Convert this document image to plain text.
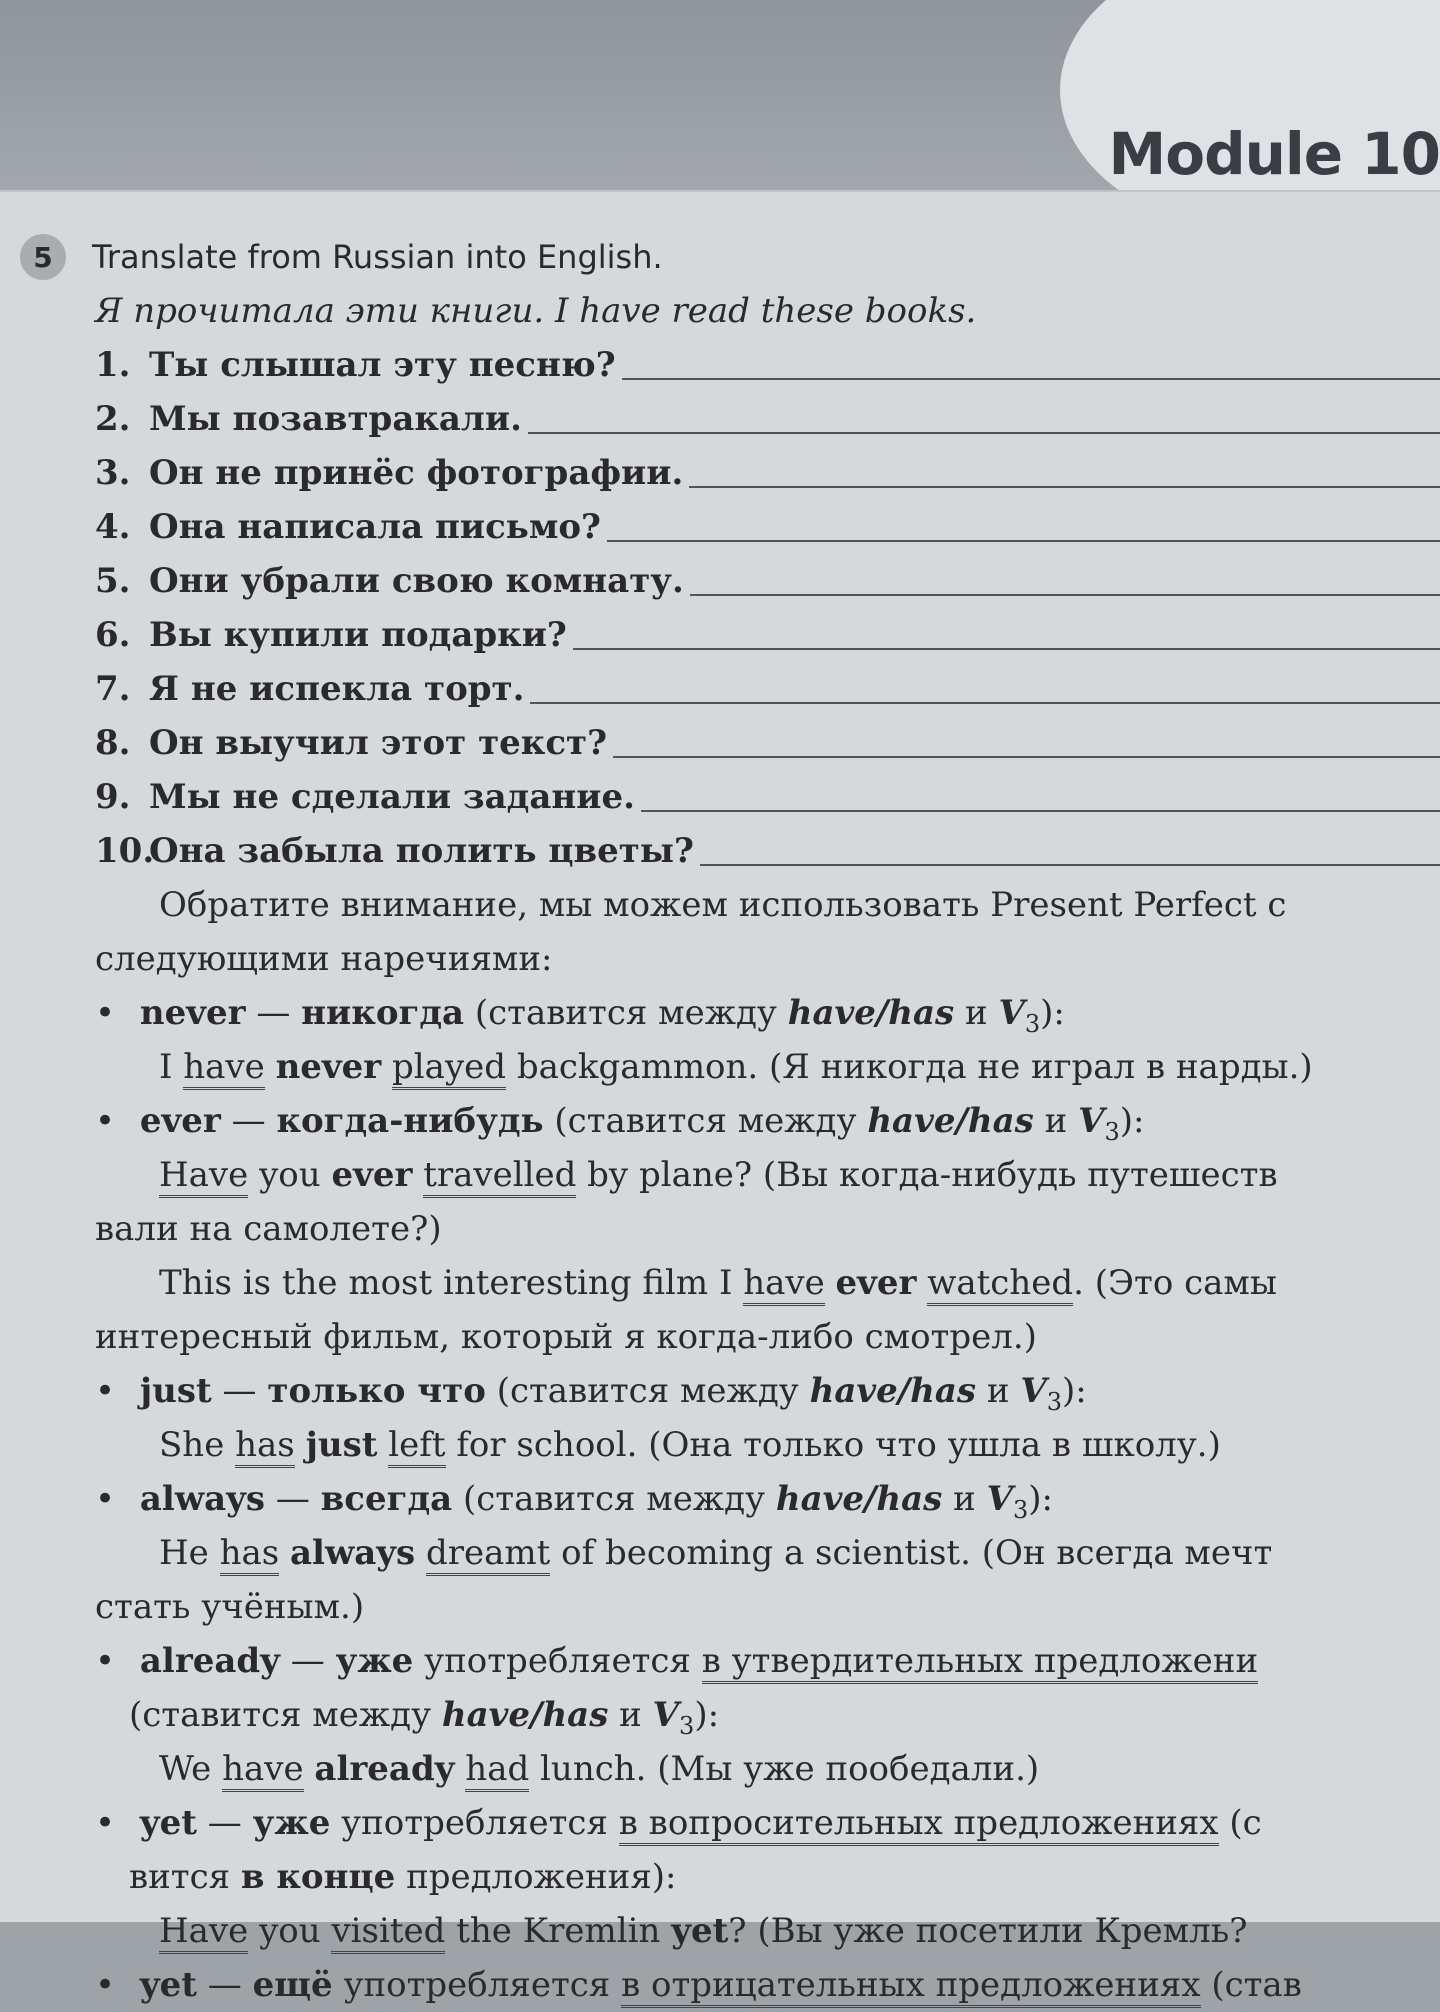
Module 10
5	Translate from Russian into English.
Я прочитала эти книги. I have read these books.
1. Ты слышал эту песню?
2. Мы позавтракали.
3. Он не принёс фотографии.
4. Она написала письмо?
5. Они убрали свою комнату.
6. Вы купили подарки?
7. Я не испекла торт.
8. Он выучил этот текст?
9. Мы не сделали задание.
10.
Она забыла полить цветы?
Обратите внимание, мы можем использовать Present Perfect с
следующими наречиями:
• never — никогда (ставится между have/has и $V_3$):
I have never played backgammon. (Я никогда не играл в нарды.)
• ever — когда-нибудь (ставится между have/has и $V_3$):
Have you ever travelled by plane? (Вы когда-нибудь путешеств
вали на самолете?)
This is the most interesting film I have ever watched. (Это самы
интересный фильм, который я когда-либо смотрел.)
• just — только что (ставится между have/has и $V_3$):
She has just left for school. (Она только что ушла в школу.)
• always — всегда (ставится между have/has и $V_3$):
He has always dreamt of becoming a scientist. (Он всегда мечт
стать учёным.)
• already — уже употребляется в утвердительных предложени
(ставится между have/has и $V_3$):
We have already had lunch. (Мы уже пообедали.)
• yet — уже употребляется в вопросительных предложениях (с
вится в конце предложения):
Have you visited the Kremlin yet? (Вы уже посетили Кремль?
• yet — ещё употребляется в отрицательных предложениях (став
